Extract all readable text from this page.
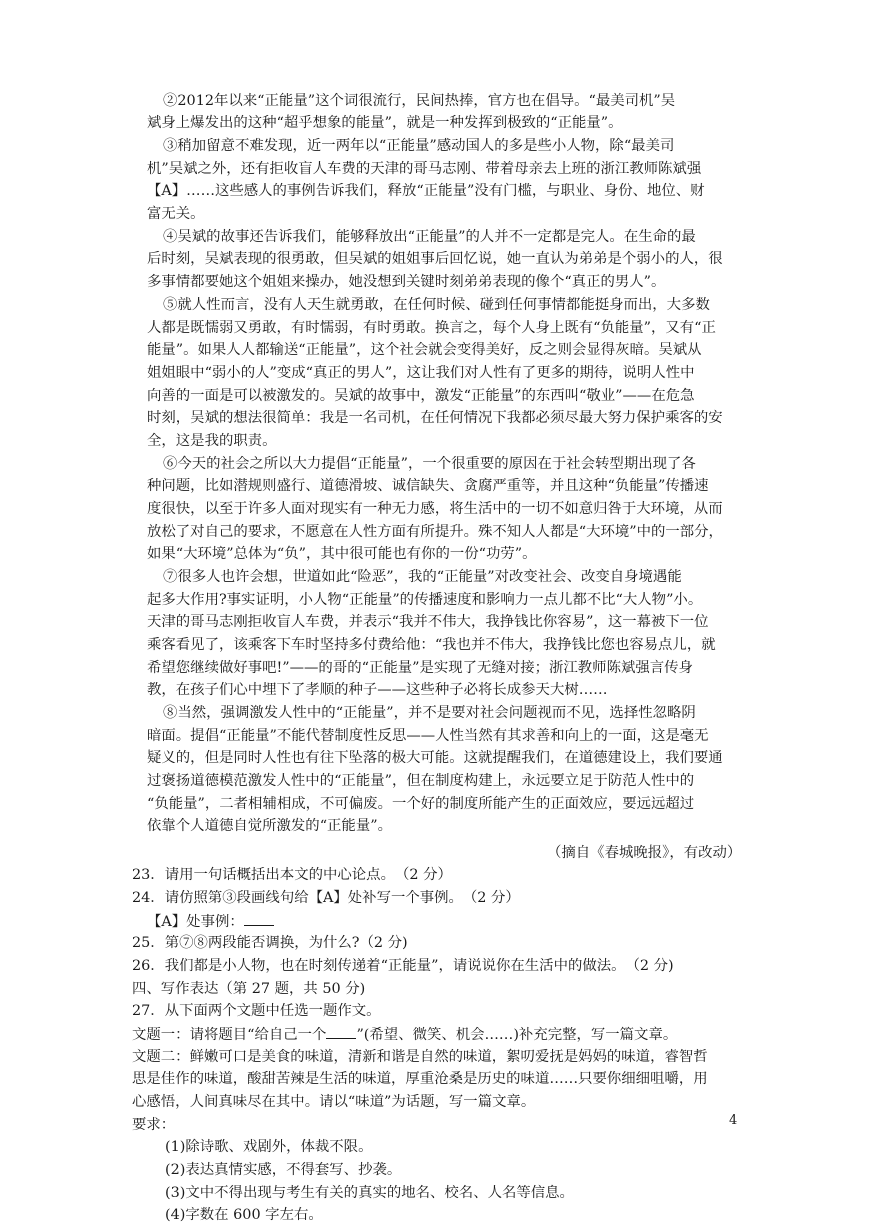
②2012年以来“正能量”这个词很流行，民间热捧，官方也在倡导。“最美司机”吴
斌身上爆发出的这种“超乎想象的能量”，就是一种发挥到极致的“正能量”。
③稍加留意不难发现，近一两年以“正能量”感动国人的多是些小人物，除“最美司
机”吴斌之外，还有拒收盲人车费的天津的哥马志刚、带着母亲去上班的浙江教师陈斌强
【A】……这些感人的事例告诉我们，释放“正能量”没有门槛，与职业、身份、地位、财
富无关。
④吴斌的故事还告诉我们，能够释放出“正能量”的人并不一定都是完人。在生命的最
后时刻，吴斌表现的很勇敢，但吴斌的姐姐事后回忆说，她一直认为弟弟是个弱小的人，很
多事情都要她这个姐姐来操办，她没想到关键时刻弟弟表现的像个“真正的男人”。
⑤就人性而言，没有人天生就勇敢，在任何时候、碰到任何事情都能挺身而出，大多数
人都是既懦弱又勇敢，有时懦弱，有时勇敢。换言之，每个人身上既有“负能量”，又有“正
能量”。如果人人都输送“正能量”，这个社会就会变得美好，反之则会显得灰暗。吴斌从
姐姐眼中“弱小的人”变成“真正的男人”，这让我们对人性有了更多的期待，说明人性中
向善的一面是可以被激发的。吴斌的故事中，激发“正能量”的东西叫“敬业”——在危急
时刻，吴斌的想法很简单：我是一名司机，在任何情况下我都必须尽最大努力保护乘客的安
全，这是我的职责。
⑥今天的社会之所以大力提倡“正能量”，一个很重要的原因在于社会转型期出现了各
种问题，比如潜规则盛行、道德滑坡、诚信缺失、贪腐严重等，并且这种“负能量”传播速
度很快，以至于许多人面对现实有一种无力感，将生活中的一切不如意归咎于大环境，从而
放松了对自己的要求，不愿意在人性方面有所提升。殊不知人人都是“大环境”中的一部分，
如果“大环境”总体为“负”，其中很可能也有你的一份“功劳”。
⑦很多人也许会想，世道如此“险恶”，我的“正能量”对改变社会、改变自身境遇能
起多大作用?事实证明，小人物“正能量”的传播速度和影响力一点儿都不比“大人物”小。
天津的哥马志刚拒收盲人车费，并表示“我并不伟大，我挣钱比你容易”，这一幕被下一位
乘客看见了，该乘客下车时坚持多付费给他：“我也并不伟大，我挣钱比您也容易点儿，就
希望您继续做好事吧!”——的哥的“正能量”是实现了无缝对接；浙江教师陈斌强言传身
教，在孩子们心中埋下了孝顺的种子——这些种子必将长成参天大树……
⑧当然，强调激发人性中的“正能量”，并不是要对社会问题视而不见，选择性忽略阴
暗面。提倡“正能量”不能代替制度性反思——人性当然有其求善和向上的一面，这是毫无
疑义的，但是同时人性也有往下坠落的极大可能。这就提醒我们，在道德建设上，我们要通
过褒扬道德模范激发人性中的“正能量”，但在制度构建上，永远要立足于防范人性中的
“负能量”，二者相辅相成，不可偏废。一个好的制度所能产生的正面效应，要远远超过
依靠个人道德自觉所激发的“正能量”。
（摘自《春城晚报》，有改动）
23．请用一句话概括出本文的中心论点。　（2 分）
24．请仿照第③段画线句给【A】处补写一个事例。　（2 分）
【A】处事例：
25．第⑦⑧两段能否调换，为什么?（2 分)
26．我们都是小人物，也在时刻传递着“正能量”，请说说你在生活中的做法。　（2 分)
四、写作表达（第 27 题，共 50 分)
27．从下面两个文题中任选一题作文。
文题一：请将题目“给自己一个 ”(希望、微笑、机会……)补充完整，写一篇文章。
文题二：鲜嫩可口是美食的味道，清新和谐是自然的味道，絮叨爱抚是妈妈的味道，睿智哲
思是佳作的味道，酸甜苦辣是生活的味道，厚重沧桑是历史的味道……只要你细细咀嚼，用
心感悟，人间真味尽在其中。请以“味道”为话题，写一篇文章。
要求：
(1)除诗歌、戏剧外，体裁不限。
(2)表达真情实感，不得套写、抄袭。
(3)文中不得出现与考生有关的真实的地名、校名、人名等信息。
(4)字数在 600 字左右。
4
